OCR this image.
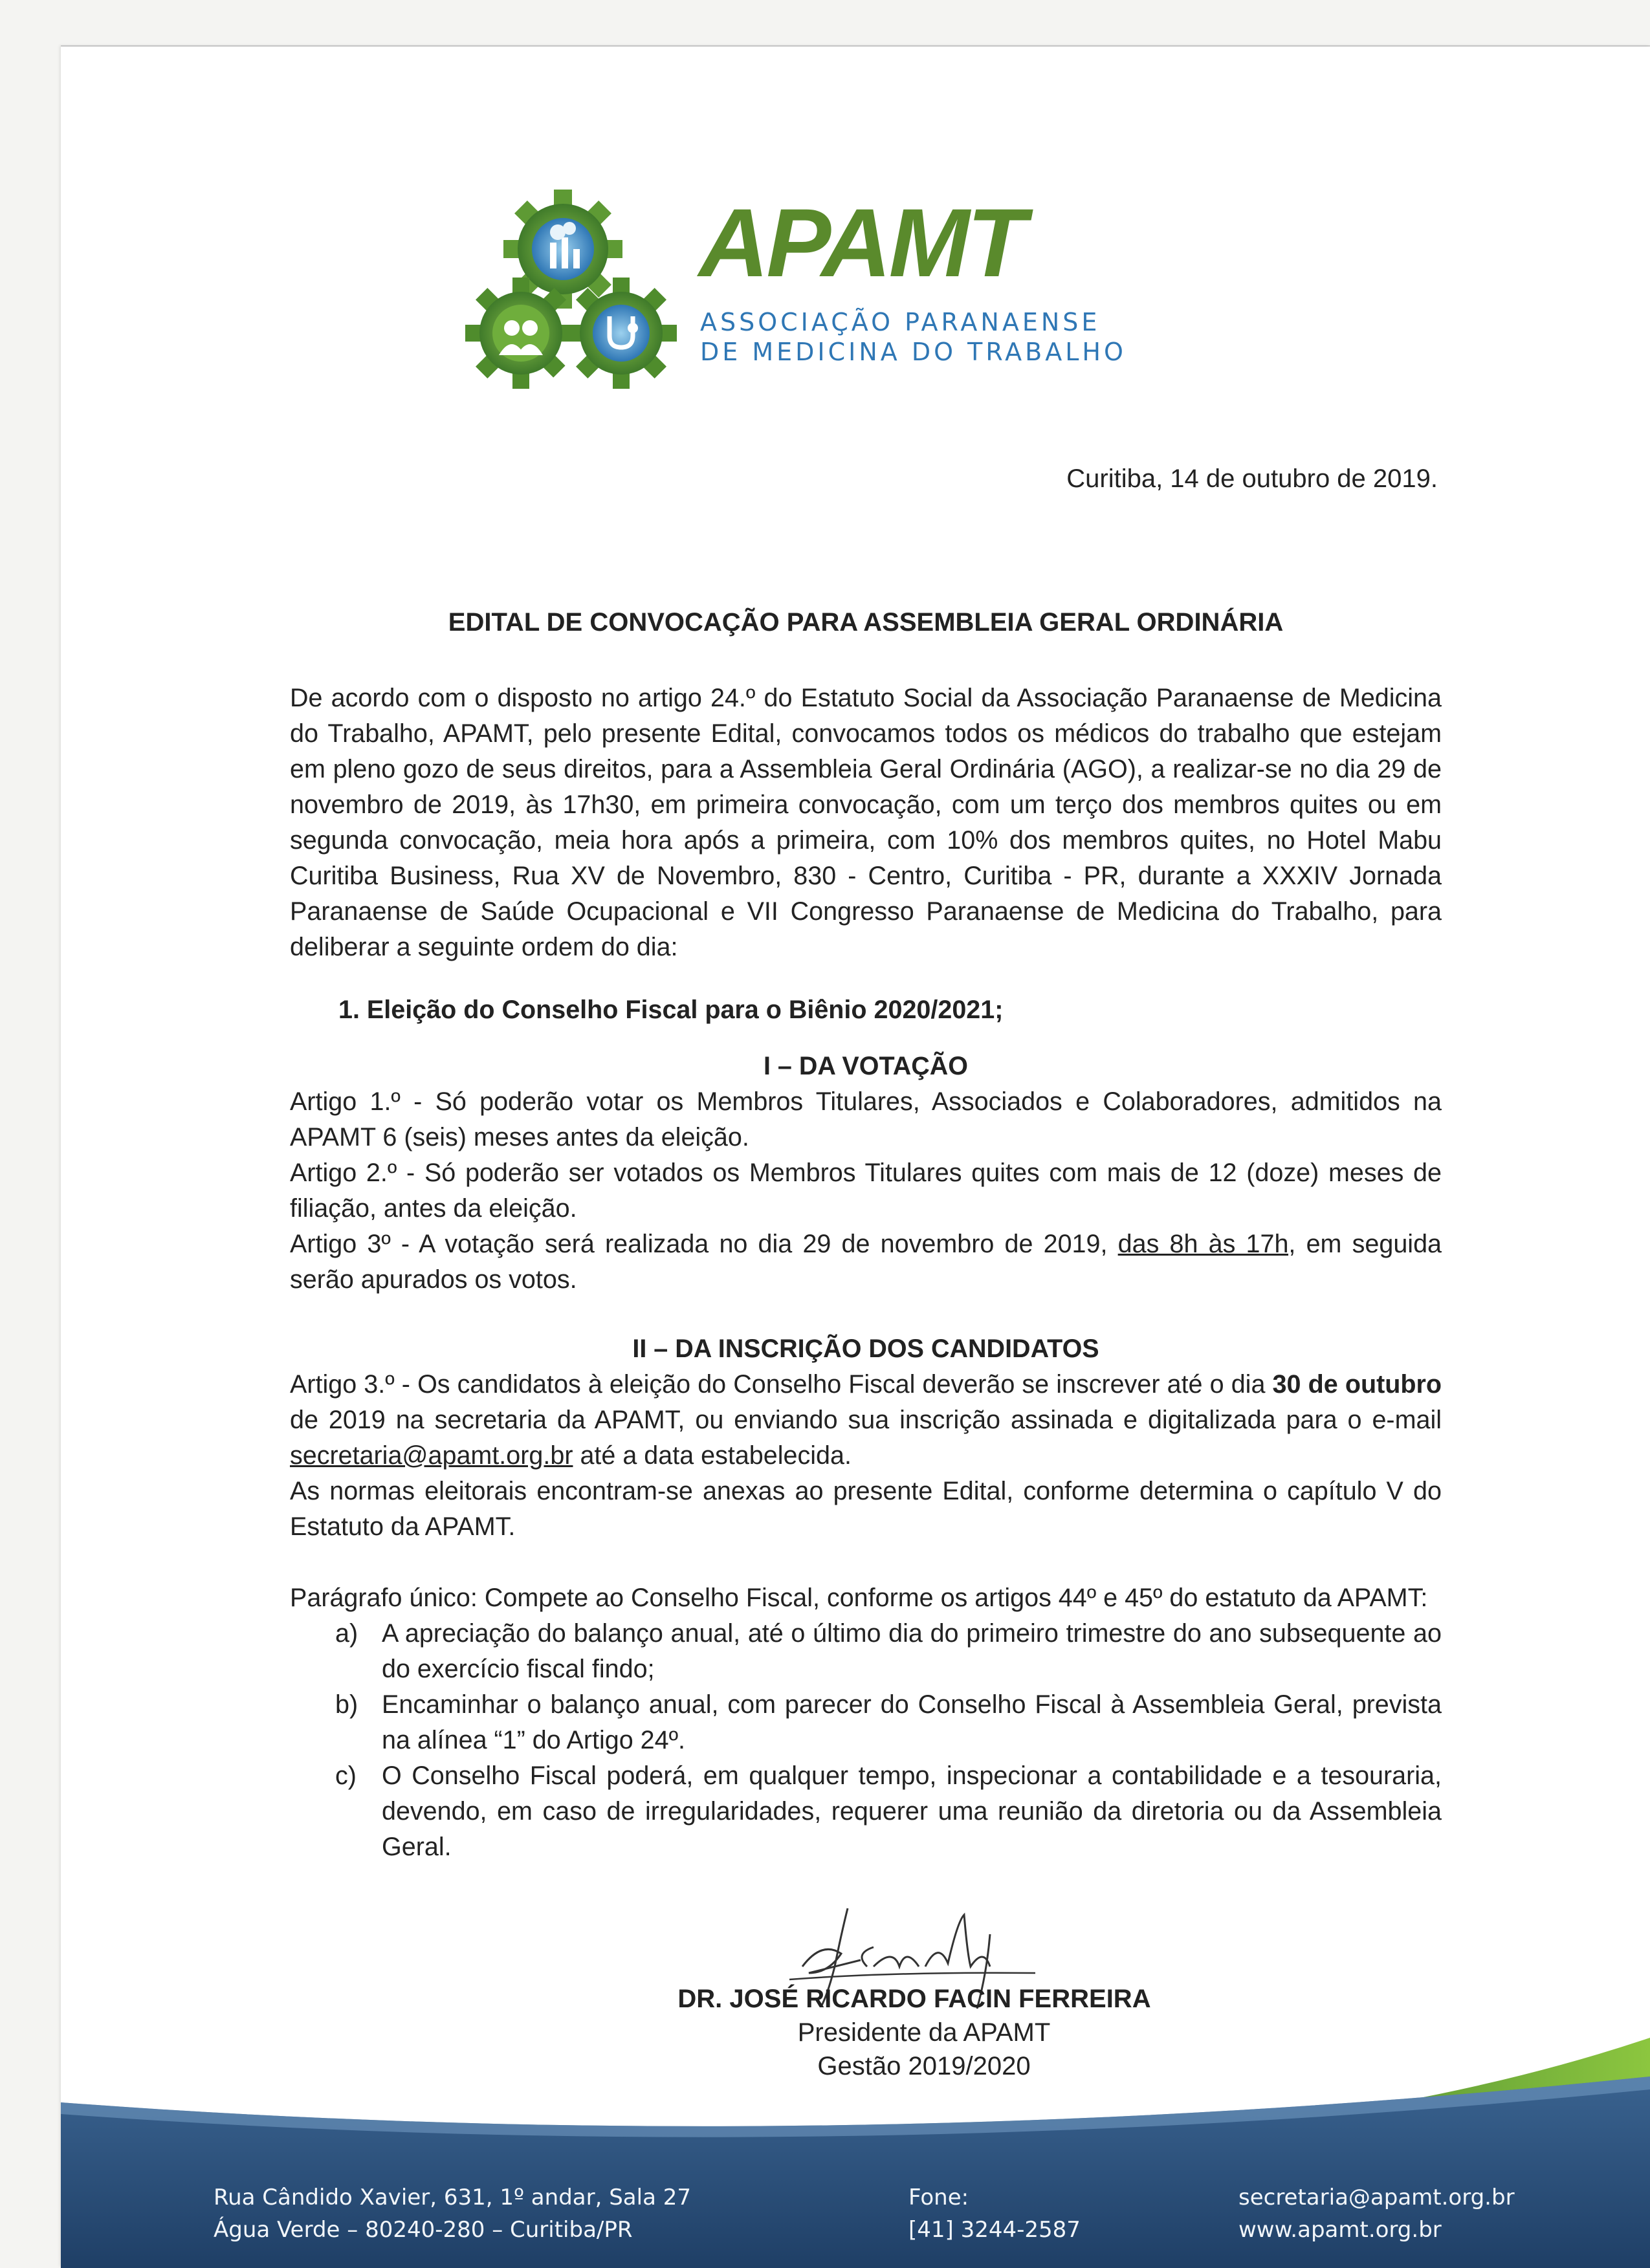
APAMT
ASSOCIAÇÃO PARANAENSE
DE MEDICINA DO TRABALHO
Curitiba, 14 de outubro de 2019.
EDITAL DE CONVOCAÇÃO PARA ASSEMBLEIA GERAL ORDINÁRIA

De acordo com o disposto no artigo 24.º do Estatuto Social da Associação Paranaense de Medicina do Trabalho, APAMT, pelo presente Edital, convocamos todos os médicos do trabalho que estejam em pleno gozo de seus direitos, para a Assembleia Geral Ordinária (AGO), a realizar-se no dia 29 de novembro de 2019, às 17h30, em primeira convocação, com um terço dos membros quites ou em segunda convocação, meia hora após a primeira, com 10% dos membros quites, no Hotel Mabu Curitiba Business, Rua XV de Novembro, 830 - Centro, Curitiba - PR, durante a XXXIV Jornada Paranaense de Saúde Ocupacional e VII Congresso Paranaense de Medicina do Trabalho, para deliberar a seguinte ordem do dia:

1. Eleição do Conselho Fiscal para o Biênio 2020/2021;

I – DA VOTAÇÃO

Artigo 1.º - Só poderão votar os Membros Titulares, Associados e Colaboradores, admitidos na APAMT 6 (seis) meses antes da eleição.

Artigo 2.º - Só poderão ser votados os Membros Titulares quites com mais de 12 (doze) meses de filiação, antes da eleição.

Artigo 3º - A votação será realizada no dia 29 de novembro de 2019, das 8h às 17h, em seguida serão apurados os votos.

II – DA INSCRIÇÃO DOS CANDIDATOS

Artigo 3.º - Os candidatos à eleição do Conselho Fiscal deverão se inscrever até o dia 30 de outubro de 2019 na secretaria da APAMT, ou enviando sua inscrição assinada e digitalizada para o e-mail secretaria@apamt.org.br até a data estabelecida.

As normas eleitorais encontram-se anexas ao presente Edital, conforme determina o capítulo V do Estatuto da APAMT.

Parágrafo único: Compete ao Conselho Fiscal, conforme os artigos 44º e 45º do estatuto da APAMT:

a) A apreciação do balanço anual, até o último dia do primeiro trimestre do ano subsequente ao do exercício fiscal findo;
b) Encaminhar o balanço anual, com parecer do Conselho Fiscal à Assembleia Geral, prevista na alínea “1” do Artigo 24º.
c) O Conselho Fiscal poderá, em qualquer tempo, inspecionar a contabilidade e a tesouraria, devendo, em caso de irregularidades, requerer uma reunião da diretoria ou da Assembleia Geral.
DR. JOSÉ RICARDO FACIN FERREIRA
Presidente da APAMT
Gestão 2019/2020
Rua Cândido Xavier, 631, 1º andar, Sala 27
Água Verde – 80240-280 – Curitiba/PR
Fone:
[41] 3244-2587
secretaria@apamt.org.br
www.apamt.org.br
